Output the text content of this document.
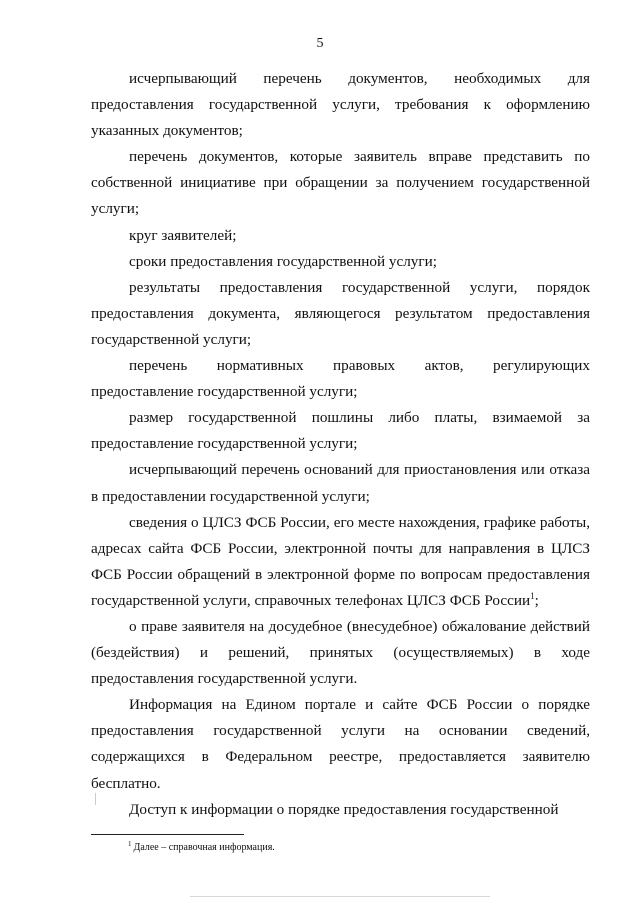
5

исчерпывающий перечень документов, необходимых для предоставления государственной услуги, требования к оформлению указанных документов;

перечень документов, которые заявитель вправе представить по собственной инициативе при обращении за получением государственной услуги;

круг заявителей;

сроки предоставления государственной услуги;

результаты предоставления государственной услуги, порядок предоставления документа, являющегося результатом предоставления государственной услуги;

перечень нормативных правовых актов, регулирующих предоставление государственной услуги;

размер государственной пошлины либо платы, взимаемой за предоставление государственной услуги;

исчерпывающий перечень оснований для приостановления или отказа в предоставлении государственной услуги;

сведения о ЦЛСЗ ФСБ России, его месте нахождения, графике работы, адресах сайта ФСБ России, электронной почты для направления в ЦЛСЗ ФСБ России обращений в электронной форме по вопросам предоставления государственной услуги, справочных телефонах ЦЛСЗ ФСБ России$^1$;

о праве заявителя на досудебное (внесудебное) обжалование действий (бездействия) и решений, принятых (осуществляемых) в ходе предоставления государственной услуги.

Информация на Едином портале и сайте ФСБ России о порядке предоставления государственной услуги на основании сведений, содержащихся в Федеральном реестре, предоставляется заявителю бесплатно.

Доступ к информации о порядке предоставления государственной

$^1$ Далее – справочная информация.
